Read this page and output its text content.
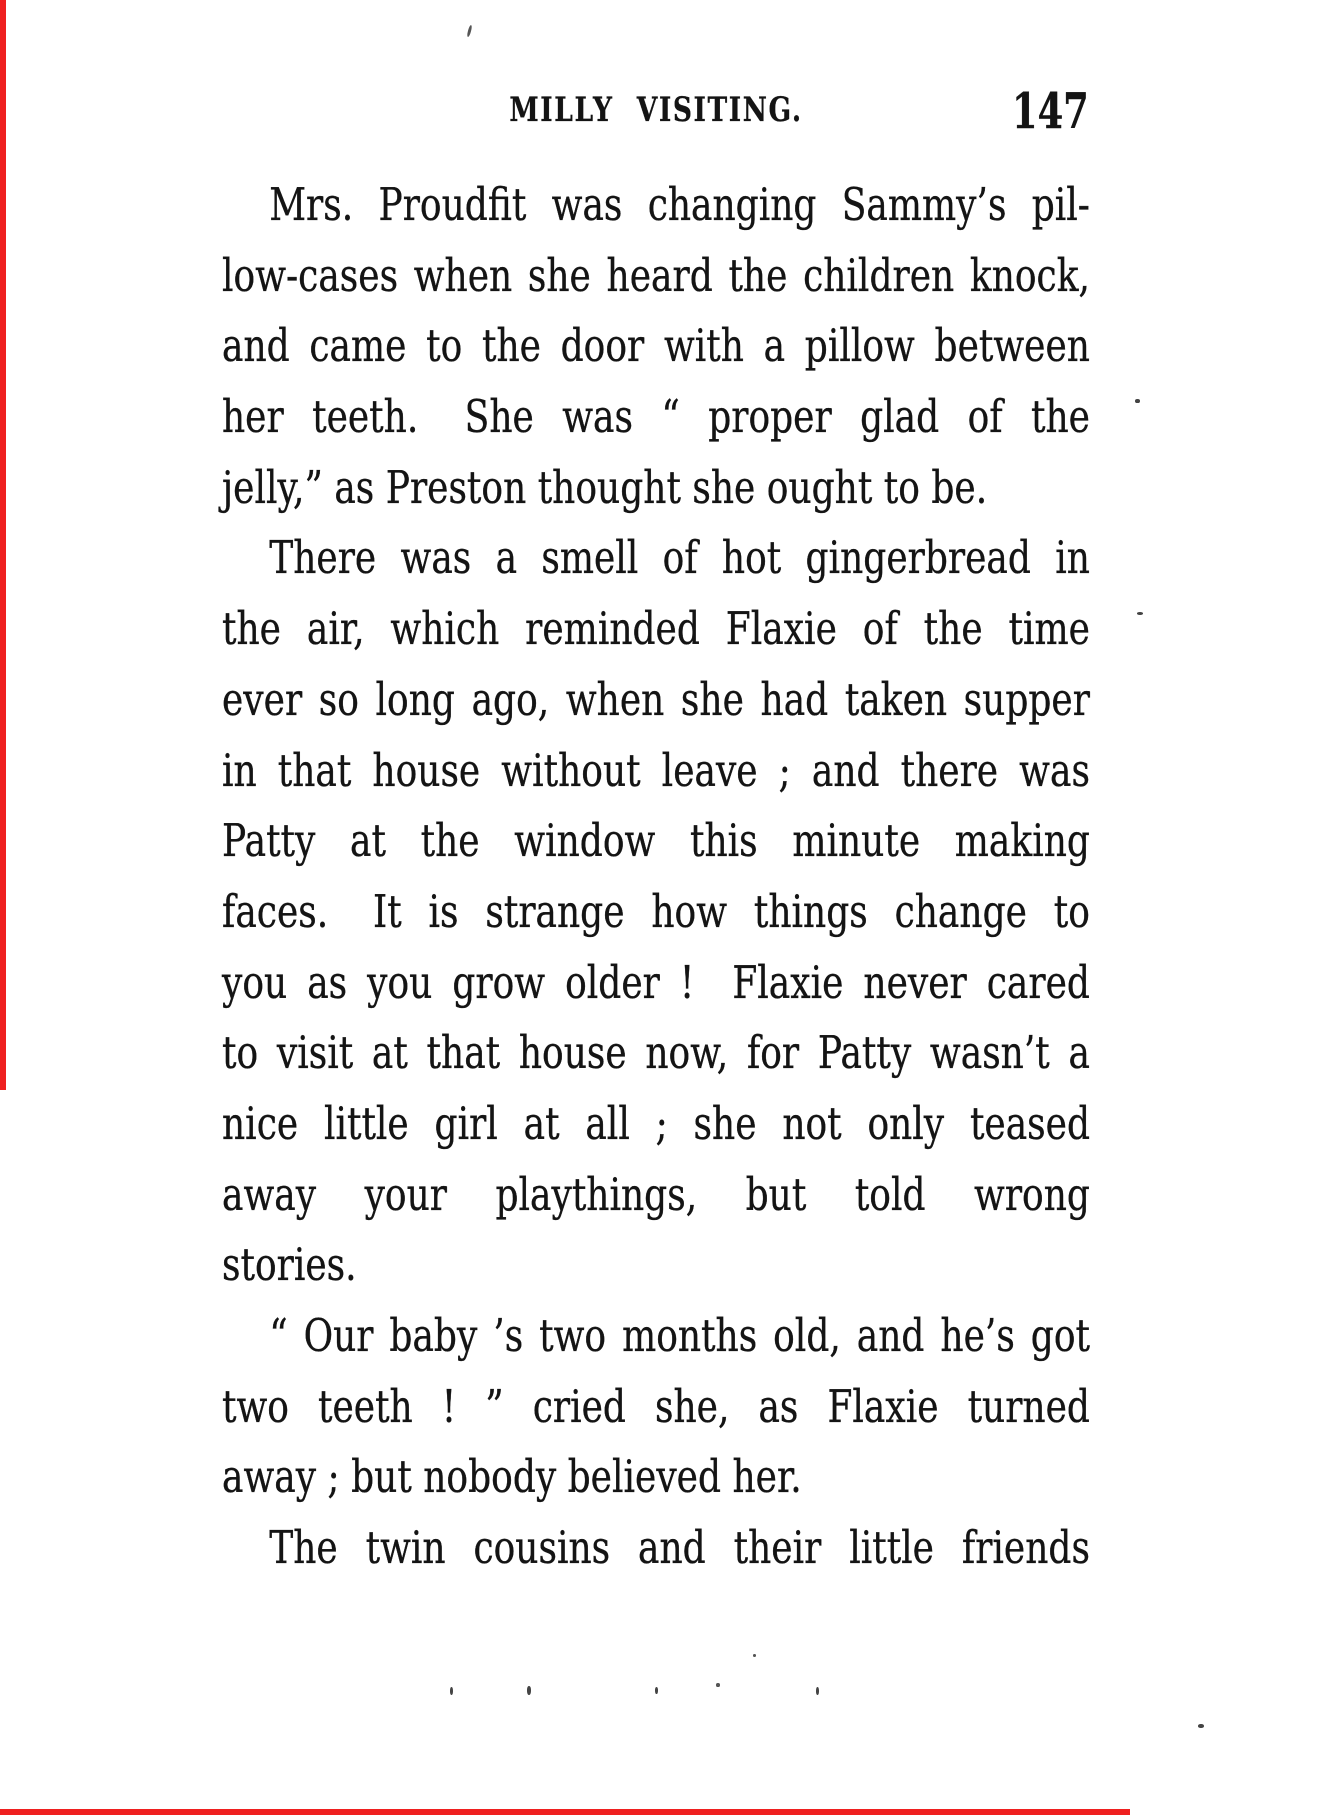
MILLY VISITING.	147
Mrs. Proudfit was changing Sammy’s pil-
low-cases when she heard the children knock,
and came to the door with a pillow between
her teeth.  She was “ proper glad of the
jelly,” as Preston thought she ought to be.
There was a smell of hot gingerbread in
the air, which reminded Flaxie of the time
ever so long ago, when she had taken supper
in that house without leave ; and there was
Patty at the window this minute making
faces.  It is strange how things change to
you as you grow older !  Flaxie never cared
to visit at that house now, for Patty wasn’t a
nice little girl at all ; she not only teased
away your playthings, but told wrong
stories.
“ Our baby ’s two months old, and he’s got
two teeth ! ” cried she, as Flaxie turned
away ; but nobody believed her.
The twin cousins and their little friends
